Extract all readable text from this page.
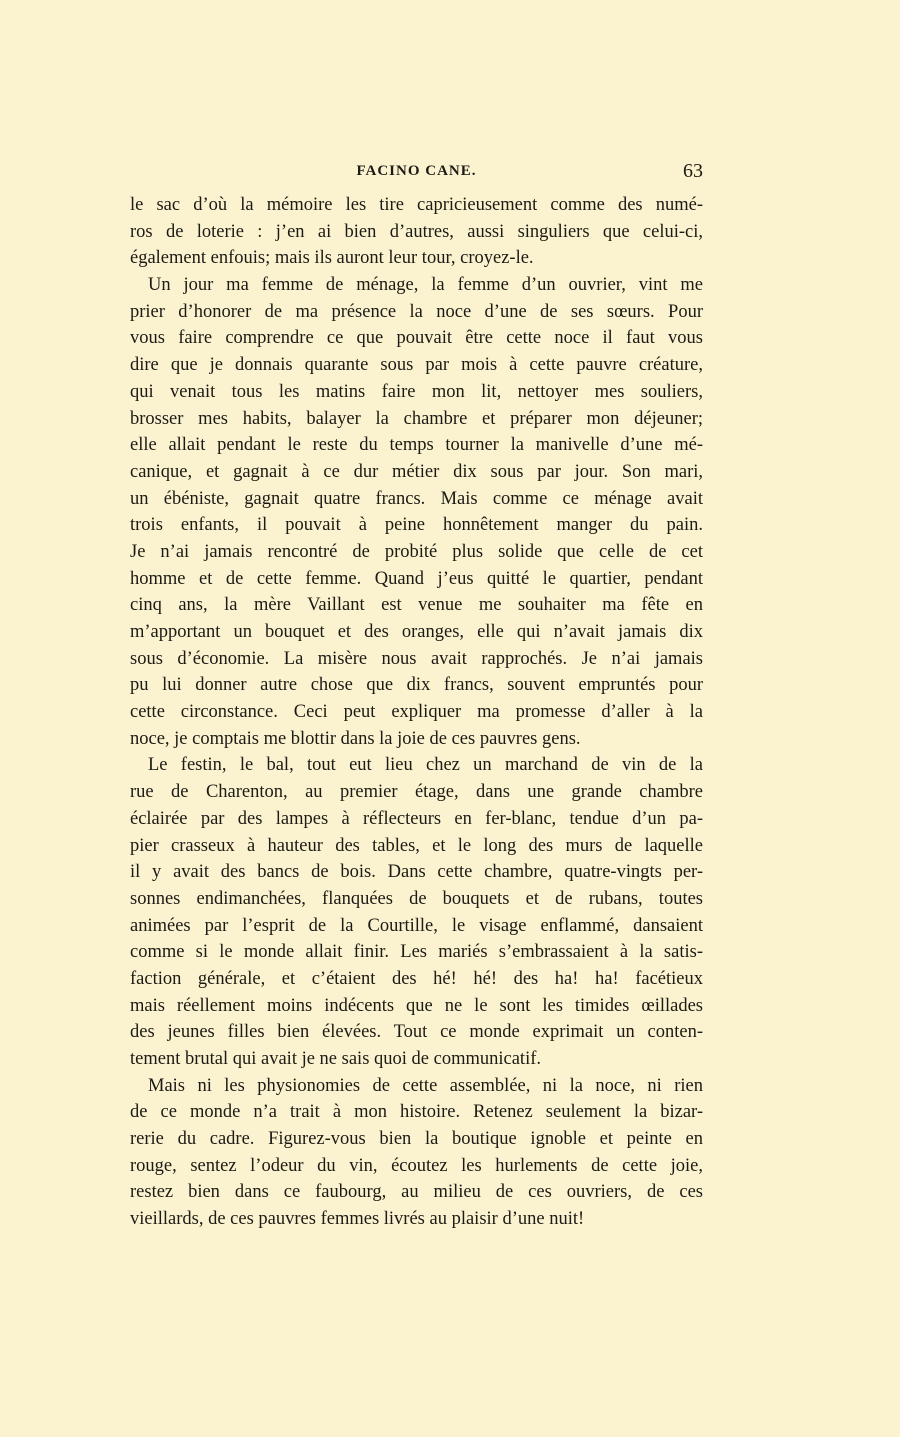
FACINO CANE.	63
le sac d’où la mémoire les tire capricieusement comme des numé-
ros de loterie : j’en ai bien d’autres, aussi singuliers que celui-ci,
également enfouis; mais ils auront leur tour, croyez-le.
Un jour ma femme de ménage, la femme d’un ouvrier, vint me
prier d’honorer de ma présence la noce d’une de ses sœurs. Pour
vous faire comprendre ce que pouvait être cette noce il faut vous
dire que je donnais quarante sous par mois à cette pauvre créature,
qui venait tous les matins faire mon lit, nettoyer mes souliers,
brosser mes habits, balayer la chambre et préparer mon déjeuner;
elle allait pendant le reste du temps tourner la manivelle d’une mé-
canique, et gagnait à ce dur métier dix sous par jour. Son mari,
un ébéniste, gagnait quatre francs. Mais comme ce ménage avait
trois enfants, il pouvait à peine honnêtement manger du pain.
Je n’ai jamais rencontré de probité plus solide que celle de cet
homme et de cette femme. Quand j’eus quitté le quartier, pendant
cinq ans, la mère Vaillant est venue me souhaiter ma fête en
m’apportant un bouquet et des oranges, elle qui n’avait jamais dix
sous d’économie. La misère nous avait rapprochés. Je n’ai jamais
pu lui donner autre chose que dix francs, souvent empruntés pour
cette circonstance. Ceci peut expliquer ma promesse d’aller à la
noce, je comptais me blottir dans la joie de ces pauvres gens.
Le festin, le bal, tout eut lieu chez un marchand de vin de la
rue de Charenton, au premier étage, dans une grande chambre
éclairée par des lampes à réflecteurs en fer-blanc, tendue d’un pa-
pier crasseux à hauteur des tables, et le long des murs de laquelle
il y avait des bancs de bois. Dans cette chambre, quatre-vingts per-
sonnes endimanchées, flanquées de bouquets et de rubans, toutes
animées par l’esprit de la Courtille, le visage enflammé, dansaient
comme si le monde allait finir. Les mariés s’embrassaient à la satis-
faction générale, et c’étaient des hé! hé! des ha! ha! facétieux
mais réellement moins indécents que ne le sont les timides œillades
des jeunes filles bien élevées. Tout ce monde exprimait un conten-
tement brutal qui avait je ne sais quoi de communicatif.
Mais ni les physionomies de cette assemblée, ni la noce, ni rien
de ce monde n’a trait à mon histoire. Retenez seulement la bizar-
rerie du cadre. Figurez-vous bien la boutique ignoble et peinte en
rouge, sentez l’odeur du vin, écoutez les hurlements de cette joie,
restez bien dans ce faubourg, au milieu de ces ouvriers, de ces
vieillards, de ces pauvres femmes livrés au plaisir d’une nuit!
